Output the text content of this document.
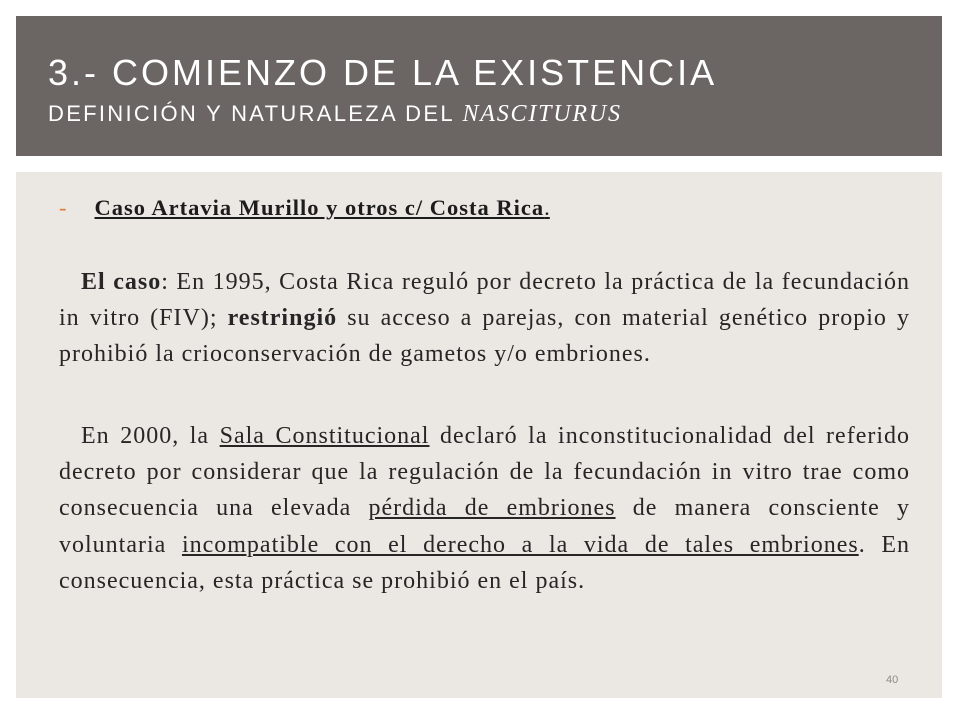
3.- COMIENZO DE LA EXISTENCIA
DEFINICIÓN Y NATURALEZA DEL NASCITURUS
- Caso Artavia Murillo y otros c/ Costa Rica.
El caso: En 1995, Costa Rica reguló por decreto la práctica de la fecundación in vitro (FIV); restringió su acceso a parejas, con material genético propio y prohibió la crioconservación de gametos y/o embriones.
En 2000, la Sala Constitucional declaró la inconstitucionalidad del referido decreto por considerar que la regulación de la fecundación in vitro trae como consecuencia una elevada pérdida de embriones de manera consciente y voluntaria incompatible con el derecho a la vida de tales embriones. En consecuencia, esta práctica se prohibió en el país.
40
